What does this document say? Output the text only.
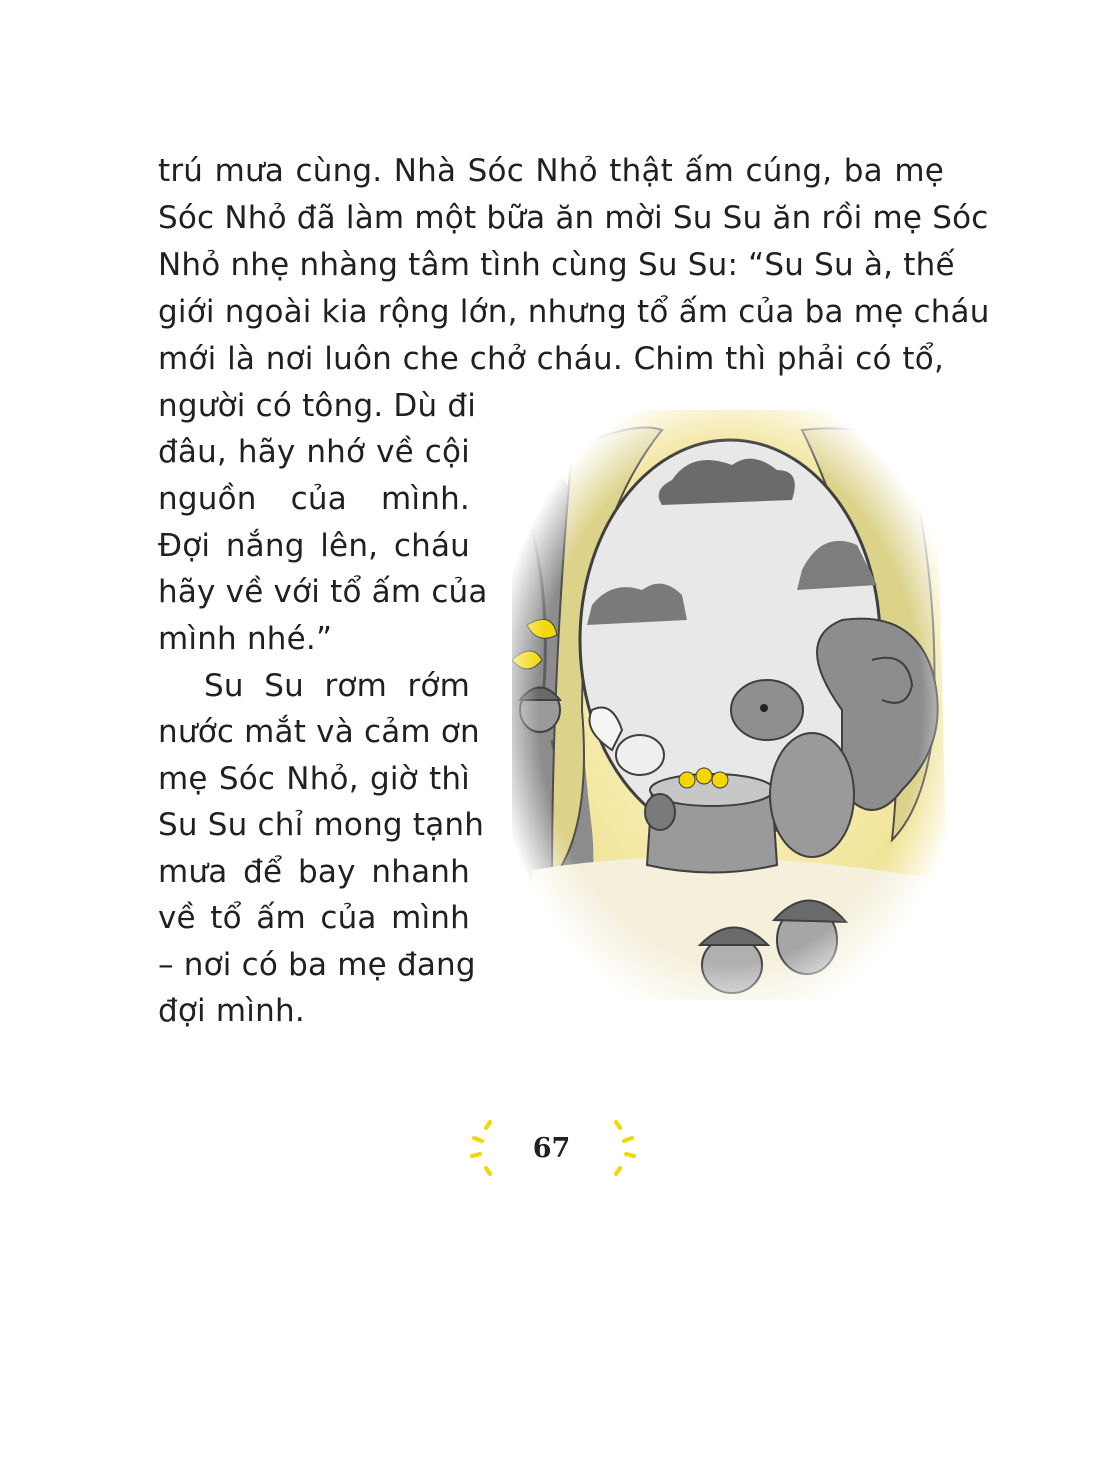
trú mưa cùng. Nhà Sóc Nhỏ thật ấm cúng, ba mẹ

Sóc Nhỏ đã làm một bữa ăn mời Su Su ăn rồi mẹ Sóc

Nhỏ nhẹ nhàng tâm tình cùng Su Su: “Su Su à, thế

giới ngoài kia rộng lớn, nhưng tổ ấm của ba mẹ cháu

mới là nơi luôn che chở cháu. Chim thì phải có tổ,

người có tông. Dù đi

đâu, hãy nhớ về cội

nguồn của mình.

Đợi nắng lên, cháu

hãy về với tổ ấm của

mình nhé.”

Su Su rơm rớm

nước mắt và cảm ơn

mẹ Sóc Nhỏ, giờ thì

Su Su chỉ mong tạnh

mưa để bay nhanh

về tổ ấm của mình

– nơi có ba mẹ đang

đợi mình.

67
